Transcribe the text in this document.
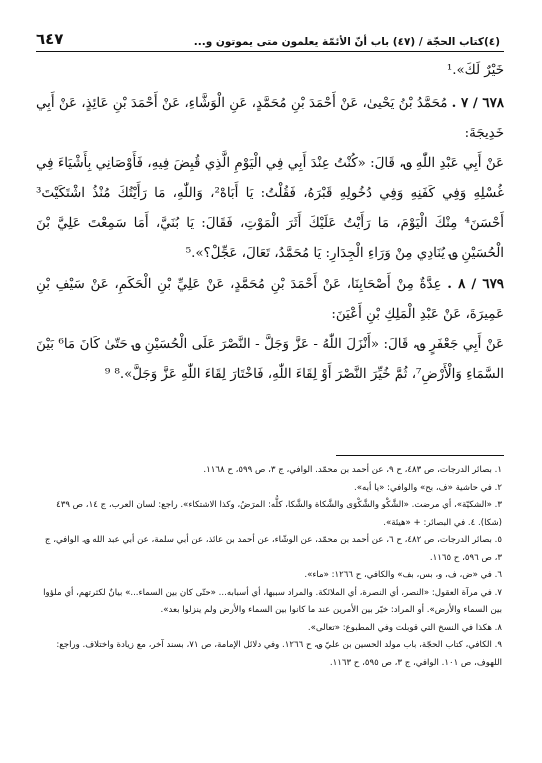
(٤)كتاب الحجّة / (٤٧) باب أنّ الأئمّة يعلمون متى يموتون و...
٦٤٧

خَيْرٌ لَكَ».¹

٦٧٨ / ٧ . مُحَمَّدُ بْنُ يَحْيىٰ، عَنْ أَحْمَدَ بْنِ مُحَمَّدٍ، عَنِ الْوَشَّاءِ، عَنْ أَحْمَدَ بْنِ عَائِذٍ، عَنْ أَبِي خَدِيجَةَ:

عَنْ أَبِي عَبْدِ اللّٰهِ ؈، قَالَ: «كُنْتُ عِنْدَ أَبِي فِي الْيَوْمِ الَّذِي قُبِضَ فِيهِ، فَأَوْصَانِي بِأَشْيَاءَ فِي غُسْلِهِ وَفِي كَفَنِهِ وَفِي دُخُولِهِ قَبْرَهُ، فَقُلْتُ: يَا أَبَاهْ²، وَاللّٰهِ، مَا رَأَيْتُكَ مُنْذُ اشْتَكَيْتَ³ أَحْسَنَ⁴ مِنْكَ الْيَوْمَ، مَا رَأَيْتُ عَلَيْكَ أَثَرَ الْمَوْتِ، فَقَالَ: يَا بُنَيَّ، أَمَا سَمِعْتَ عَلِيَّ بْنَ الْحُسَيْنِ ؈ يُنَادِي مِنْ وَرَاءِ الْجِدَارِ: يَا مُحَمَّدُ، تَعَالَ، عَجِّلْ؟».⁵

٦٧٩ / ٨ . عِدَّةٌ مِنْ أَصْحَابِنَا، عَنْ أَحْمَدَ بْنِ مُحَمَّدٍ، عَنْ عَلِيِّ بْنِ الْحَكَمِ، عَنْ سَيْفِ بْنِ عَمِيرَةَ، عَنْ عَبْدِ الْمَلِكِ بْنِ أَعْيَنَ:

عَنْ أَبِي جَعْفَرٍ ؈، قَالَ: «أَنْزَلَ اللّٰهُ - عَزَّ وَجَلَّ - النَّصْرَ عَلَى الْحُسَيْنِ ؈ حَتّىٰ كَانَ مَا⁶ بَيْنَ السَّمَاءِ وَالْأَرْضِ⁷، ثُمَّ خُيِّرَ النَّصْرَ أَوْ لِقَاءَ اللّٰهِ، فَاخْتَارَ لِقَاءَ اللّٰهِ عَزَّ وَجَلَّ».⁸ ⁹

١. بصائر الدرجات، ص ٤٨٣، ح ٩، عن أحمد بن محمّد. الوافي، ج ٣، ص ٥٩٩، ح ١١٦٨.

٢. في حاشية «ف، بح» والوافي: «يا أبه».

٣. «الشكيّة»، أي مرضت. «الشَّكْو والشَّكْوَى والشَّكاة والشَّكا، كلُّه: المرَضُ، وكذا الاشتكاء». راجع: لسان العرب، ج ١٤، ص ٤٣٩ (شكا). ٤. في البصائر: + «هيئة».

٥. بصائر الدرجات، ص ٤٨٢، ح ٦، عن أحمد بن محمّد، عن الوشّاء، عن أحمد بن عائذ، عن أبي سلمة، عن أبي عبد الله ؈. الوافي، ج ٣، ص ٥٩٦، ح ١١٦٥.

٦. في «ض، ف، و، بس، بف» والكافي، ح ١٢٦٦: «ماء».

٧. في مرآة العقول: «النصر، أي النصرة، أي الملائكة. والمراد سببها، أي أسبابه... «حتّى كان بين السماء...» بيانٌ لكثرتهم، أي ملؤوا بين السماء والأرض». أو المراد: خيّر بين الأمرين عند ما كانوا بين السماء والأرض ولم ينزلوا بعد».

٨. هكذا في النسخ التي قوبلت وفي المطبوع: «تعالى».

٩. الكافي، كتاب الحجّة، باب مولد الحسين بن عليّ ؈، ح ١٢٦٦. وفي دلائل الإمامة، ص ٧١، بسند آخر، مع زيادة واختلاف. وراجع: اللهوف، ص ١٠١. الوافي، ج ٣، ص ٥٩٥، ح ١١٦٣.
